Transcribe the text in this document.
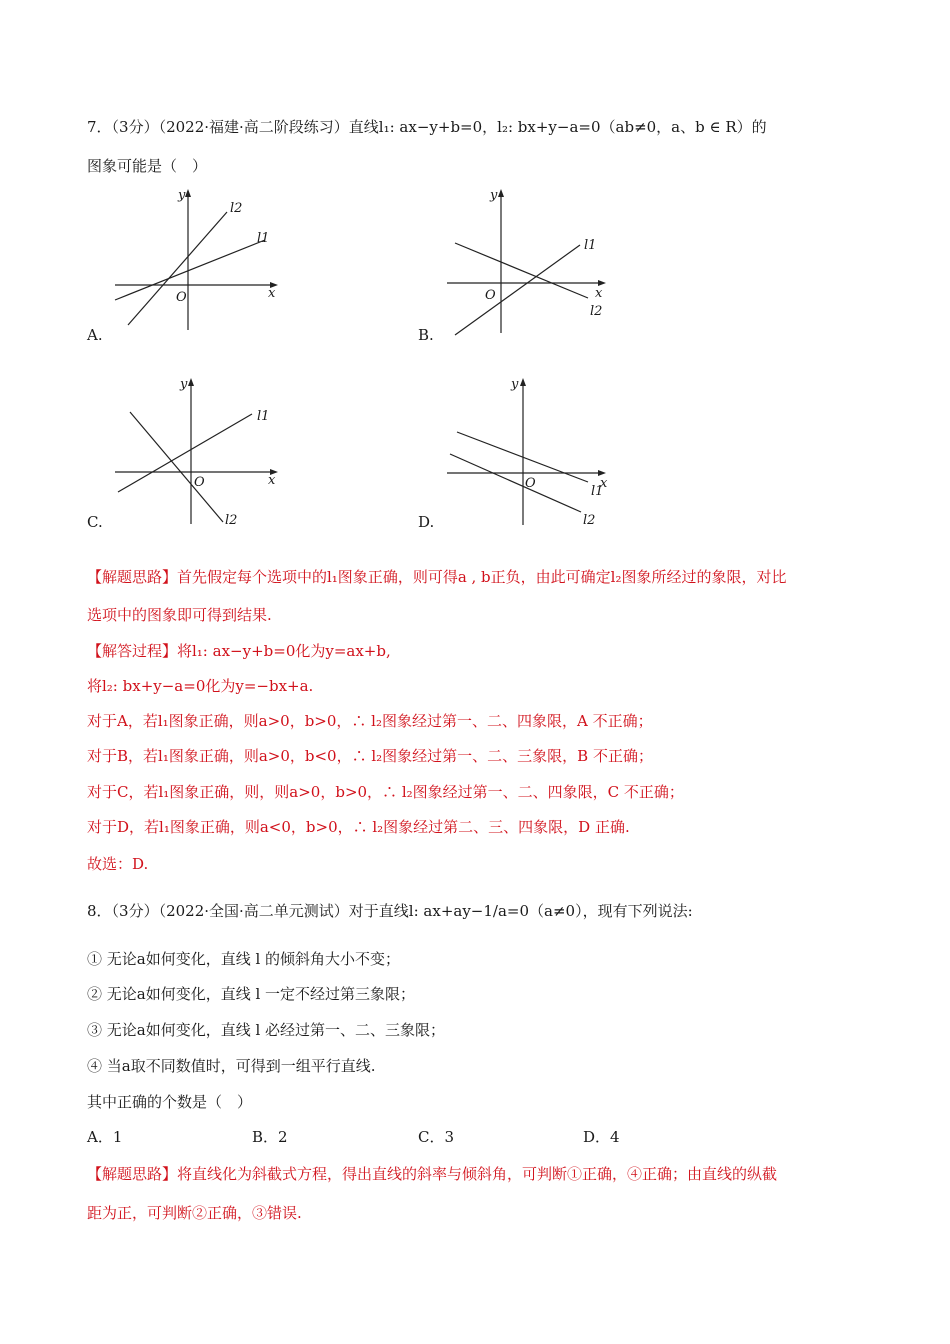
7．（3分）（2022·福建·高二阶段练习）直线l₁: ax−y+b=0，l₂: bx+y−a=0（ab≠0，a、b ∈ R）的
图象可能是（　）
y
x
O
l1
l2
A.
y
x
O
l1
l2
B.
y
x
O
l1
l2
C.
y
x
O
l1
l2
D.
【解题思路】首先假定每个选项中的l₁图象正确，则可得a , b正负，由此可确定l₂图象所经过的象限，对比
选项中的图象即可得到结果.
【解答过程】将l₁: ax−y+b=0化为y=ax+b,
将l₂: bx+y−a=0化为y=−bx+a.
对于A，若l₁图象正确，则a>0，b>0，∴ l₂图象经过第一、二、四象限，A 不正确；
对于B，若l₁图象正确，则a>0，b<0，∴ l₂图象经过第一、二、三象限，B 不正确；
对于C，若l₁图象正确，则，则a>0，b>0，∴ l₂图象经过第一、二、四象限，C 不正确；
对于D，若l₁图象正确，则a<0，b>0，∴ l₂图象经过第二、三、四象限，D 正确.
故选：D.
8．（3分）（2022·全国·高二单元测试）对于直线l: ax+ay−1/a=0（a≠0），现有下列说法:
① 无论a如何变化，直线 l 的倾斜角大小不变；
② 无论a如何变化，直线 l 一定不经过第三象限；
③ 无论a如何变化，直线 l 必经过第一、二、三象限；
④ 当a取不同数值时，可得到一组平行直线.
其中正确的个数是（　）
A．1	B．2	C．3	D．4
【解题思路】将直线化为斜截式方程，得出直线的斜率与倾斜角，可判断①正确，④正确；由直线的纵截
距为正，可判断②正确，③错误.
